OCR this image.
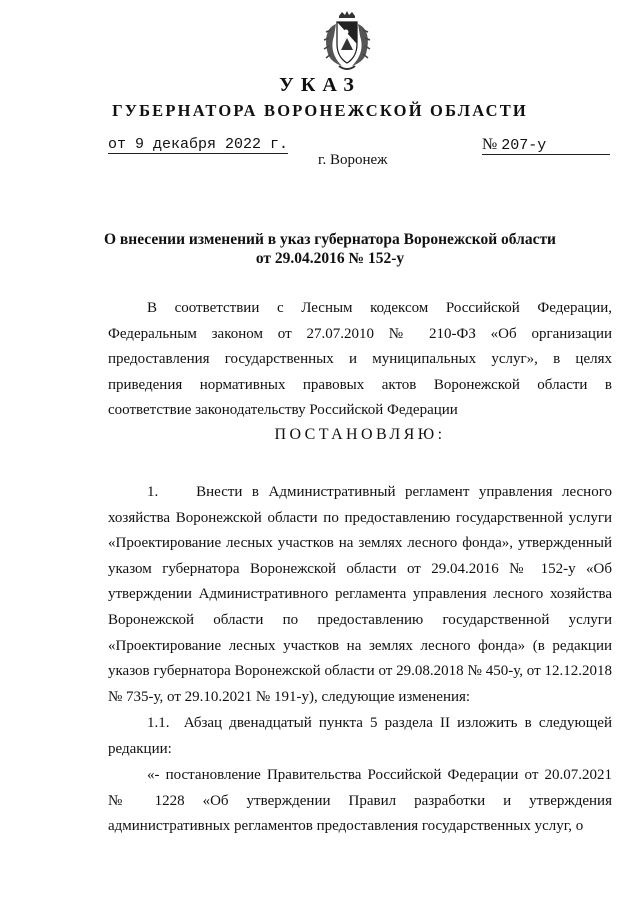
УКАЗ
ГУБЕРНАТОРА ВОРОНЕЖСКОЙ ОБЛАСТИ
от 9 декабря 2022 г.	№ 207-у
г. Воронеж
О внесении изменений в указ губернатора Воронежской области от 29.04.2016 № 152-у

В соответствии с Лесным кодексом Российской Федерации, Федеральным законом от 27.07.2010 № 210-ФЗ «Об организации предоставления государственных и муниципальных услуг», в целях приведения нормативных правовых актов Воронежской области в соответствие законодательству Российской Федерации

ПОСТАНОВЛЯЮ:

1.    Внести в Административный регламент управления лесного хозяйства Воронежской области по предоставлению государственной услуги «Проектирование лесных участков на землях лесного фонда», утвержденный указом губернатора Воронежской области от 29.04.2016 № 152-у «Об утверждении Административного регламента управления лесного хозяйства Воронежской области по предоставлению государственной услуги «Проектирование лесных участков на землях лесного фонда» (в редакции указов губернатора Воронежской области от 29.08.2018 № 450-у, от 12.12.2018 № 735-у, от 29.10.2021 № 191-у), следующие изменения:

1.1.  Абзац двенадцатый пункта 5 раздела II изложить в следующей редакции:

«- постановление Правительства Российской Федерации от 20.07.2021 № 1228 «Об утверждении Правил разработки и утверждения административных регламентов предоставления государственных услуг, о
